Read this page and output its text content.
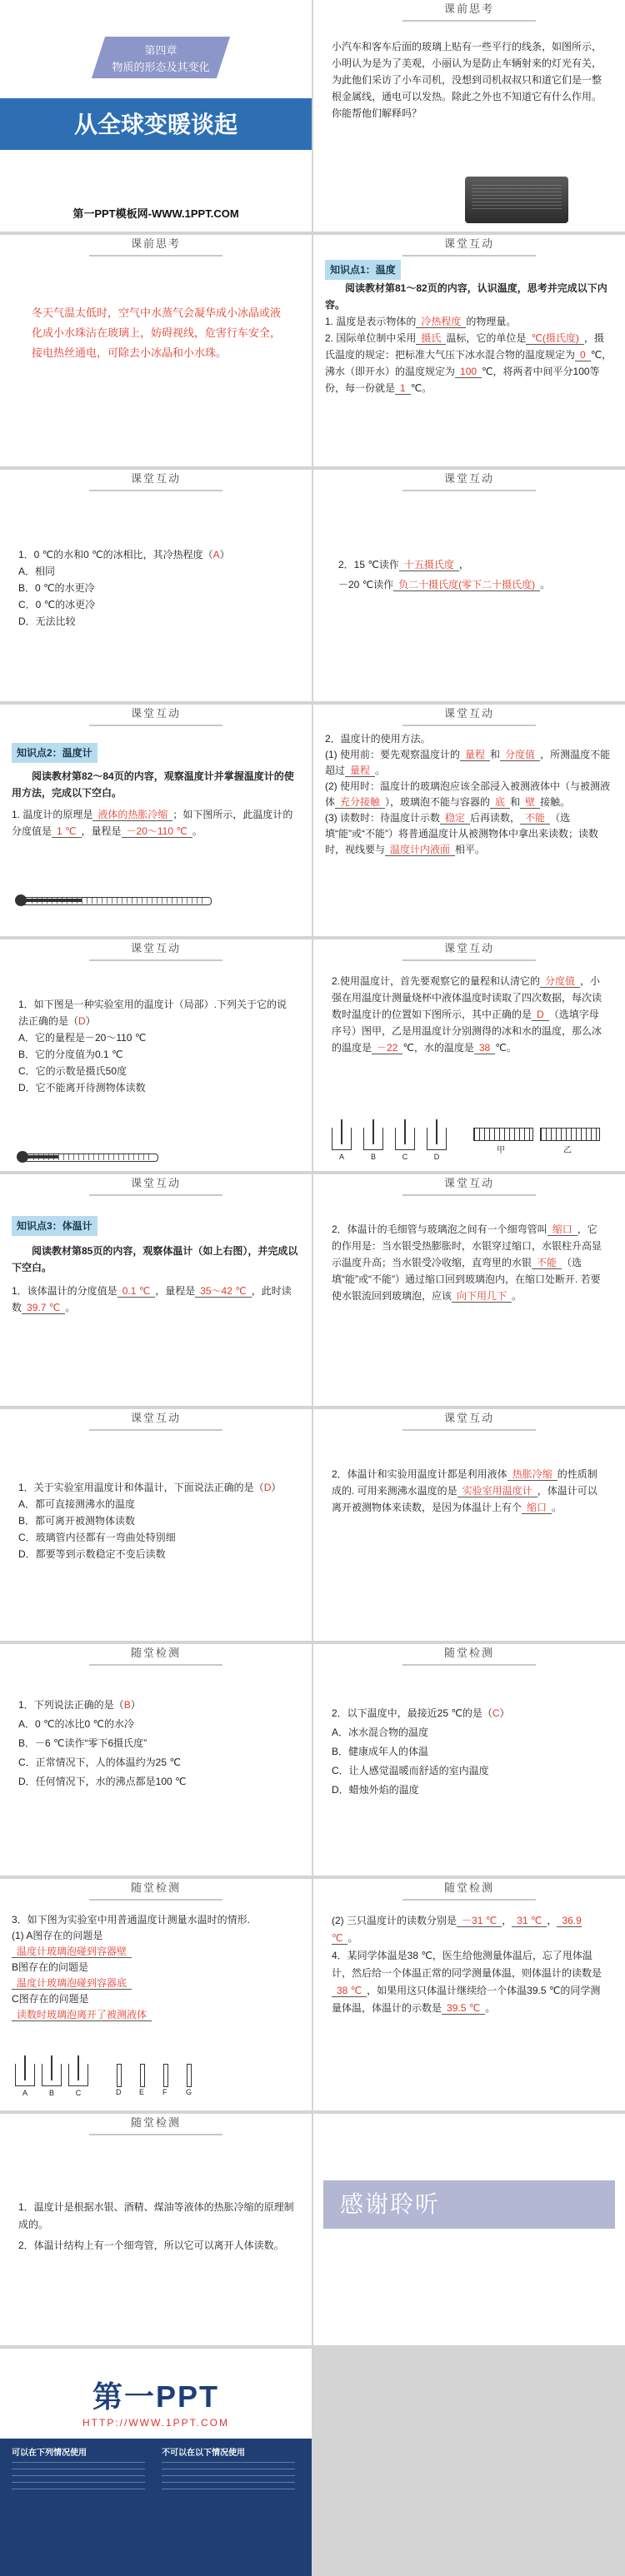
第四章
物质的形态及其变化
从全球变暖谈起
第一PPT模板网-WWW.1PPT.COM
课前思考
小汽车和客车后面的玻璃上贴有一些平行的线条，如图所示，小明认为是为了美观，小丽认为是防止车辆射来的灯光有关，为此他们采访了小车司机，没想到司机叔叔只和道它们是一整根金属线，通电可以发热。除此之外也不知道它有什么作用。你能帮他们解释吗？
课前思考
冬天气温太低时，空气中水蒸气会凝华成小冰晶或液化成小水珠沾在玻璃上，妨碍视线，危害行车安全，接电热丝通电，可除去小冰晶和小水珠。
课堂互动

知识点1：温度

阅读教材第81～82页的内容，认识温度，思考并完成以下内容。

1. 温度是表示物体的 冷热程度 的物理量。

2. 国际单位制中采用 摄氏 温标，它的单位是 ℃(摄氏度) ，摄氏温度的规定：把标准大气压下冰水混合物的温度规定为 0 ℃，沸水（即开水）的温度规定为 100 ℃，将两者中间平分100等份，每一份就是 1 ℃。

课堂互动

1．0 ℃的水和0 ℃的冰相比，其冷热程度（A）

A．相同

B．0 ℃的水更冷

C．0 ℃的冰更冷

D．无法比较

课堂互动

2．15 ℃读作 十五摄氏度 ，

－20 ℃读作 负二十摄氏度(零下二十摄氏度) 。

课堂互动

知识点2：温度计

阅读教材第82～84页的内容，观察温度计并掌握温度计的使用方法，完成以下空白。

1. 温度计的原理是 液体的热胀冷缩 ；如下图所示，此温度计的分度值是 1 ℃ ，量程是 －20～110 ℃ 。

课堂互动

2．温度计的使用方法。

(1) 使用前：要先观察温度计的 量程 和 分度值 ，所测温度不能超过 量程 。

(2) 使用时：温度计的玻璃泡应该全部浸入被测液体中（与被测液体 充分接触 ），玻璃泡不能与容器的 底 和 壁 接触。

(3) 读数时：待温度计示数 稳定 后再读数， 不能 （选填“能”或“不能”）将普通温度计从被测物体中拿出来读数；读数时，视线要与 温度计内液面 相平。

课堂互动

1．如下图是一种实验室用的温度计（局部）.下列关于它的说法正确的是（D）

A．它的量程是－20～110 ℃

B．它的分度值为0.1 ℃

C．它的示数是摄氏50度

D．它不能离开待测物体读数

课堂互动

2.使用温度计，首先要观察它的量程和认清它的 分度值 ，小强在用温度计测量烧杯中液体温度时读取了四次数据，每次读数时温度计的位置如下图所示，其中正确的是 D （选填字母序号）图甲，乙是用温度计分别测得的冰和水的温度，那么冰的温度是 －22 ℃，水的温度是 38 ℃。

A	B	C	D
甲	乙
课堂互动

知识点3：体温计

阅读教材第85页的内容，观察体温计（如上右图），并完成以下空白。

1．该体温计的分度值是 0.1 ℃ ，量程是 35～42 ℃ ，此时读数 39.7 ℃ 。

课堂互动

2．体温计的毛细管与玻璃泡之间有一个细弯管叫 缩口 ，它的作用是：当水银受热膨胀时，水银穿过缩口，水银柱升高显示温度升高；当水银受冷收缩，直弯里的水银 不能 （选填“能”或“不能”）通过缩口回到玻璃泡内，在缩口处断开. 若要使水银流回到玻璃泡，应该 向下用几下 。

课堂互动

1．关于实验室用温度计和体温计，下面说法正确的是（D）

A．都可直接测沸水的温度

B．都可离开被测物体读数

C．玻璃管内径都有一弯曲处特别细

D．都要等到示数稳定不变后读数

课堂互动

2．体温计和实验用温度计都是利用液体 热胀冷缩 的性质制成的. 可用来测沸水温度的是 实验室用温度计 ，体温计可以离开被测物体来读数，是因为体温计上有个 缩口 。

随堂检测

1．下列说法正确的是（B）

A．0 ℃的冰比0 ℃的水冷

B．－6 ℃读作“零下6摄氏度”

C．正常情况下，人的体温约为25 ℃

D．任何情况下，水的沸点都是100 ℃

随堂检测

2．以下温度中，最接近25 ℃的是（C）

A．冰水混合物的温度

B．健康成年人的体温

C．让人感觉温暖而舒适的室内温度

D．蜡烛外焰的温度

随堂检测

3．如下图为实验室中用普通温度计测量水温时的情形.

(1) A图存在的问题是

温度计玻璃泡碰到容器壁

B图存在的问题是

温度计玻璃泡碰到容器底

C图存在的问题是

读数时玻璃泡离开了被测液体

A	B	C	D E F	G
随堂检测

(2) 三只温度计的读数分别是 －31 ℃ ， 31 ℃ ， 36.9 ℃ 。

4．某同学体温是38 ℃，医生给他测量体温后，忘了甩体温计，然后给一个体温正常的同学测量体温，则体温计的读数是38 ℃ ，如果用这只体温计继续给一个体温39.5 ℃的同学测量体温，体温计的示数是 39.5 ℃ 。

随堂检测

1．温度计是根据水银、酒精、煤油等液体的热胀冷缩的原理制成的。

2．体温计结构上有一个细弯管，所以它可以离开人体读数。

感谢聆听
第一PPT
HTTP://WWW.1PPT.COM
可以在下列情况使用	不可以在以下情况使用
